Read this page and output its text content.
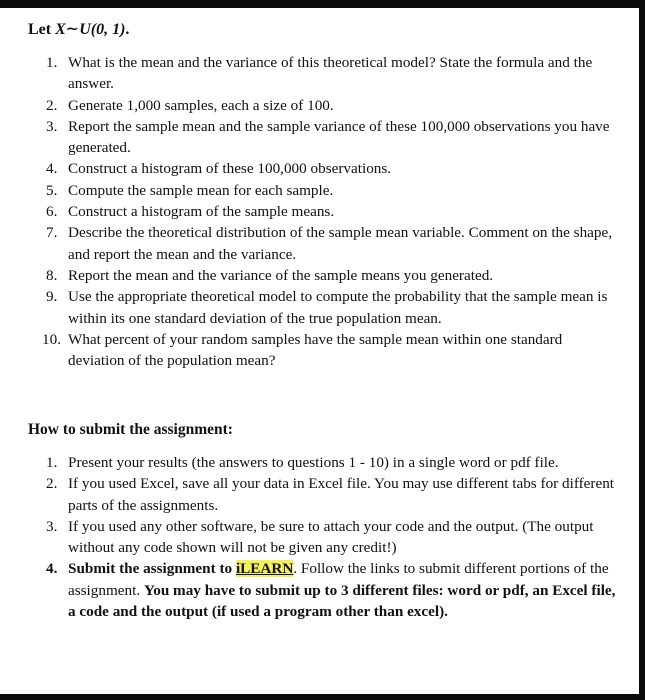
Let X∼U(0, 1).
1. What is the mean and the variance of this theoretical model? State the formula and the answer.
2. Generate 1,000 samples, each a size of 100.
3. Report the sample mean and the sample variance of these 100,000 observations you have generated.
4. Construct a histogram of these 100,000 observations.
5. Compute the sample mean for each sample.
6. Construct a histogram of the sample means.
7. Describe the theoretical distribution of the sample mean variable. Comment on the shape, and report the mean and the variance.
8. Report the mean and the variance of the sample means you generated.
9. Use the appropriate theoretical model to compute the probability that the sample mean is within its one standard deviation of the true population mean.
10. What percent of your random samples have the sample mean within one standard deviation of the population mean?
How to submit the assignment:
1. Present your results (the answers to questions 1 - 10) in a single word or pdf file.
2. If you used Excel, save all your data in Excel file. You may use different tabs for different parts of the assignments.
3. If you used any other software, be sure to attach your code and the output. (The output without any code shown will not be given any credit!)
4. Submit the assignment to iLEARN. Follow the links to submit different portions of the assignment. You may have to submit up to 3 different files: word or pdf, an Excel file, a code and the output (if used a program other than excel).
